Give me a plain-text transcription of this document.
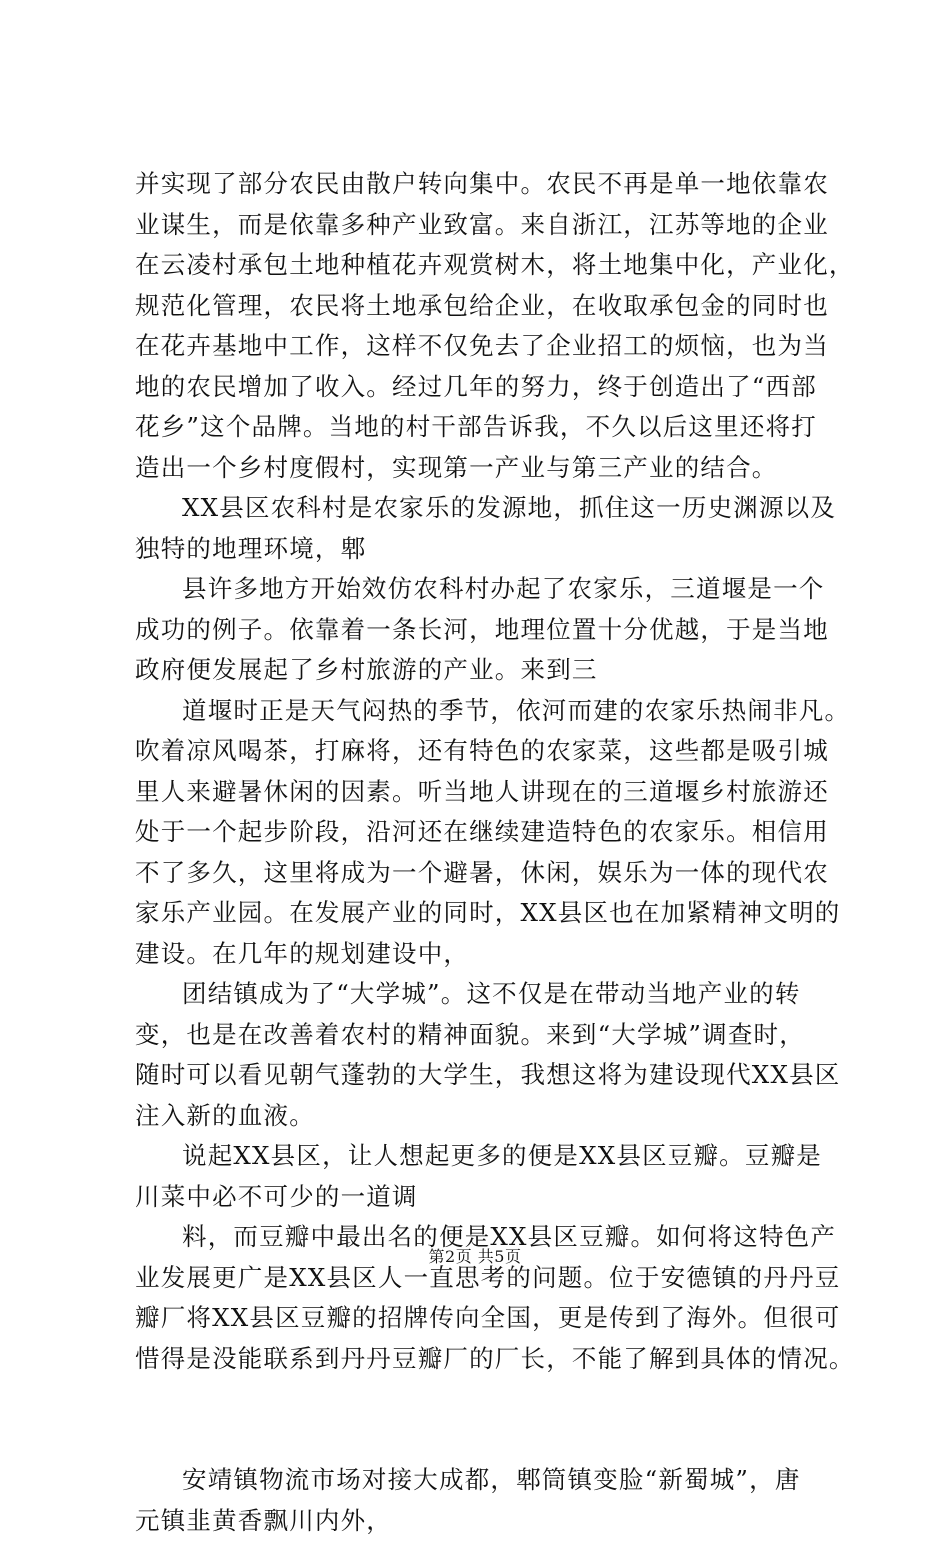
并实现了部分农民由散户转向集中。农民不再是单一地依靠农
业谋生，而是依靠多种产业致富。来自浙江，江苏等地的企业
在云凌村承包土地种植花卉观赏树木，将土地集中化，产业化，
规范化管理，农民将土地承包给企业，在收取承包金的同时也
在花卉基地中工作，这样不仅免去了企业招工的烦恼，也为当
地的农民增加了收入。经过几年的努力，终于创造出了“西部
花乡”这个品牌。当地的村干部告诉我，不久以后这里还将打
造出一个乡村度假村，实现第一产业与第三产业的结合。
XX县区农科村是农家乐的发源地，抓住这一历史渊源以及
独特的地理环境，郫
县许多地方开始效仿农科村办起了农家乐，三道堰是一个
成功的例子。依靠着一条长河，地理位置十分优越，于是当地
政府便发展起了乡村旅游的产业。来到三
道堰时正是天气闷热的季节，依河而建的农家乐热闹非凡。
吹着凉风喝茶，打麻将，还有特色的农家菜，这些都是吸引城
里人来避暑休闲的因素。听当地人讲现在的三道堰乡村旅游还
处于一个起步阶段，沿河还在继续建造特色的农家乐。相信用
不了多久，这里将成为一个避暑，休闲，娱乐为一体的现代农
家乐产业园。在发展产业的同时，XX县区也在加紧精神文明的
建设。在几年的规划建设中，
团结镇成为了“大学城”。这不仅是在带动当地产业的转
变，也是在改善着农村的精神面貌。来到“大学城”调查时，
随时可以看见朝气蓬勃的大学生，我想这将为建设现代XX县区
注入新的血液。
说起XX县区，让人想起更多的便是XX县区豆瓣。豆瓣是
川菜中必不可少的一道调
料，而豆瓣中最出名的便是XX县区豆瓣。如何将这特色产
业发展更广是XX县区人一直思考的问题。位于安德镇的丹丹豆
瓣厂将XX县区豆瓣的招牌传向全国，更是传到了海外。但很可
惜得是没能联系到丹丹豆瓣厂的厂长，不能了解到具体的情况。
安靖镇物流市场对接大成都，郫筒镇变脸“新蜀城”，唐
元镇韭黄香飘川内外，
第2页 共5页
